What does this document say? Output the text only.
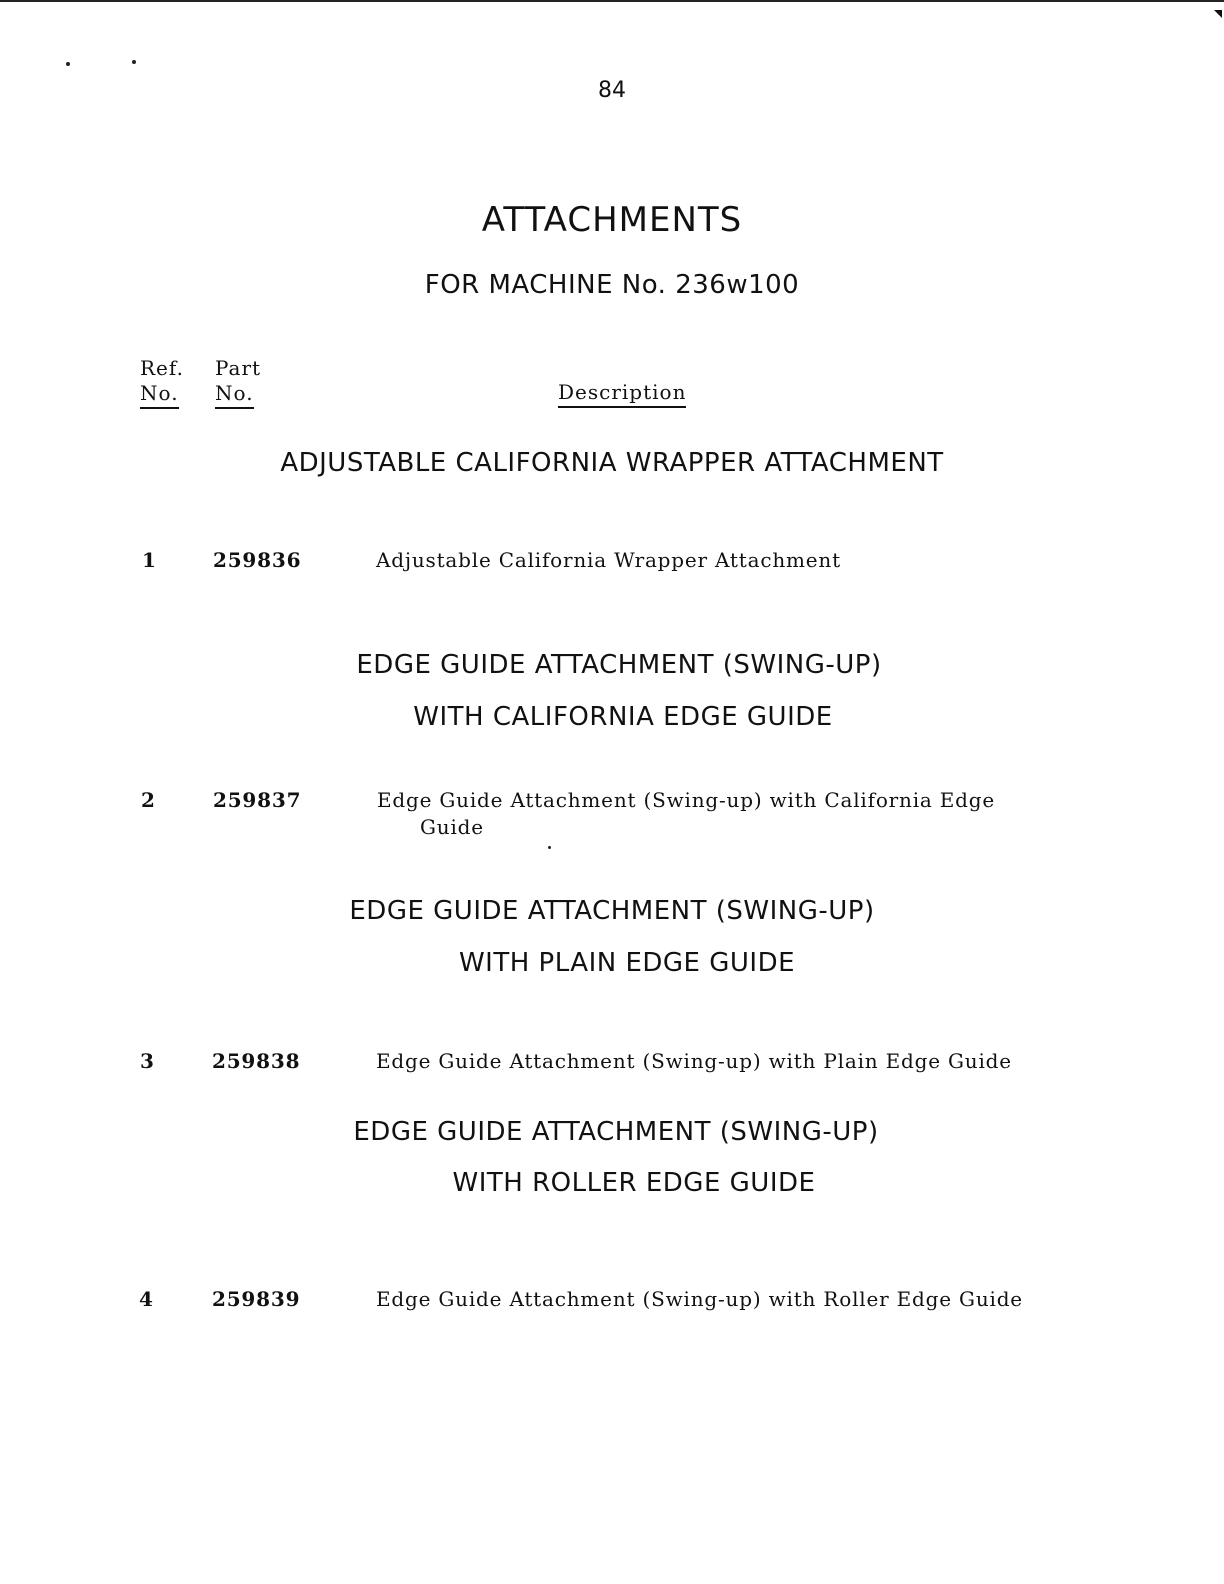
84
ATTACHMENTS
FOR MACHINE No. 236w100
Ref.
No.
Part
No.	Description
ADJUSTABLE CALIFORNIA WRAPPER ATTACHMENT
1	259836	Adjustable California Wrapper Attachment
EDGE GUIDE ATTACHMENT (SWING-UP)
WITH CALIFORNIA EDGE GUIDE
2	259837	Edge Guide Attachment (Swing-up) with California Edge
Guide
EDGE GUIDE ATTACHMENT (SWING-UP)
WITH PLAIN EDGE GUIDE
3	259838	Edge Guide Attachment (Swing-up) with Plain Edge Guide
EDGE GUIDE ATTACHMENT (SWING-UP)
WITH ROLLER EDGE GUIDE
4	259839	Edge Guide Attachment (Swing-up) with Roller Edge Guide
